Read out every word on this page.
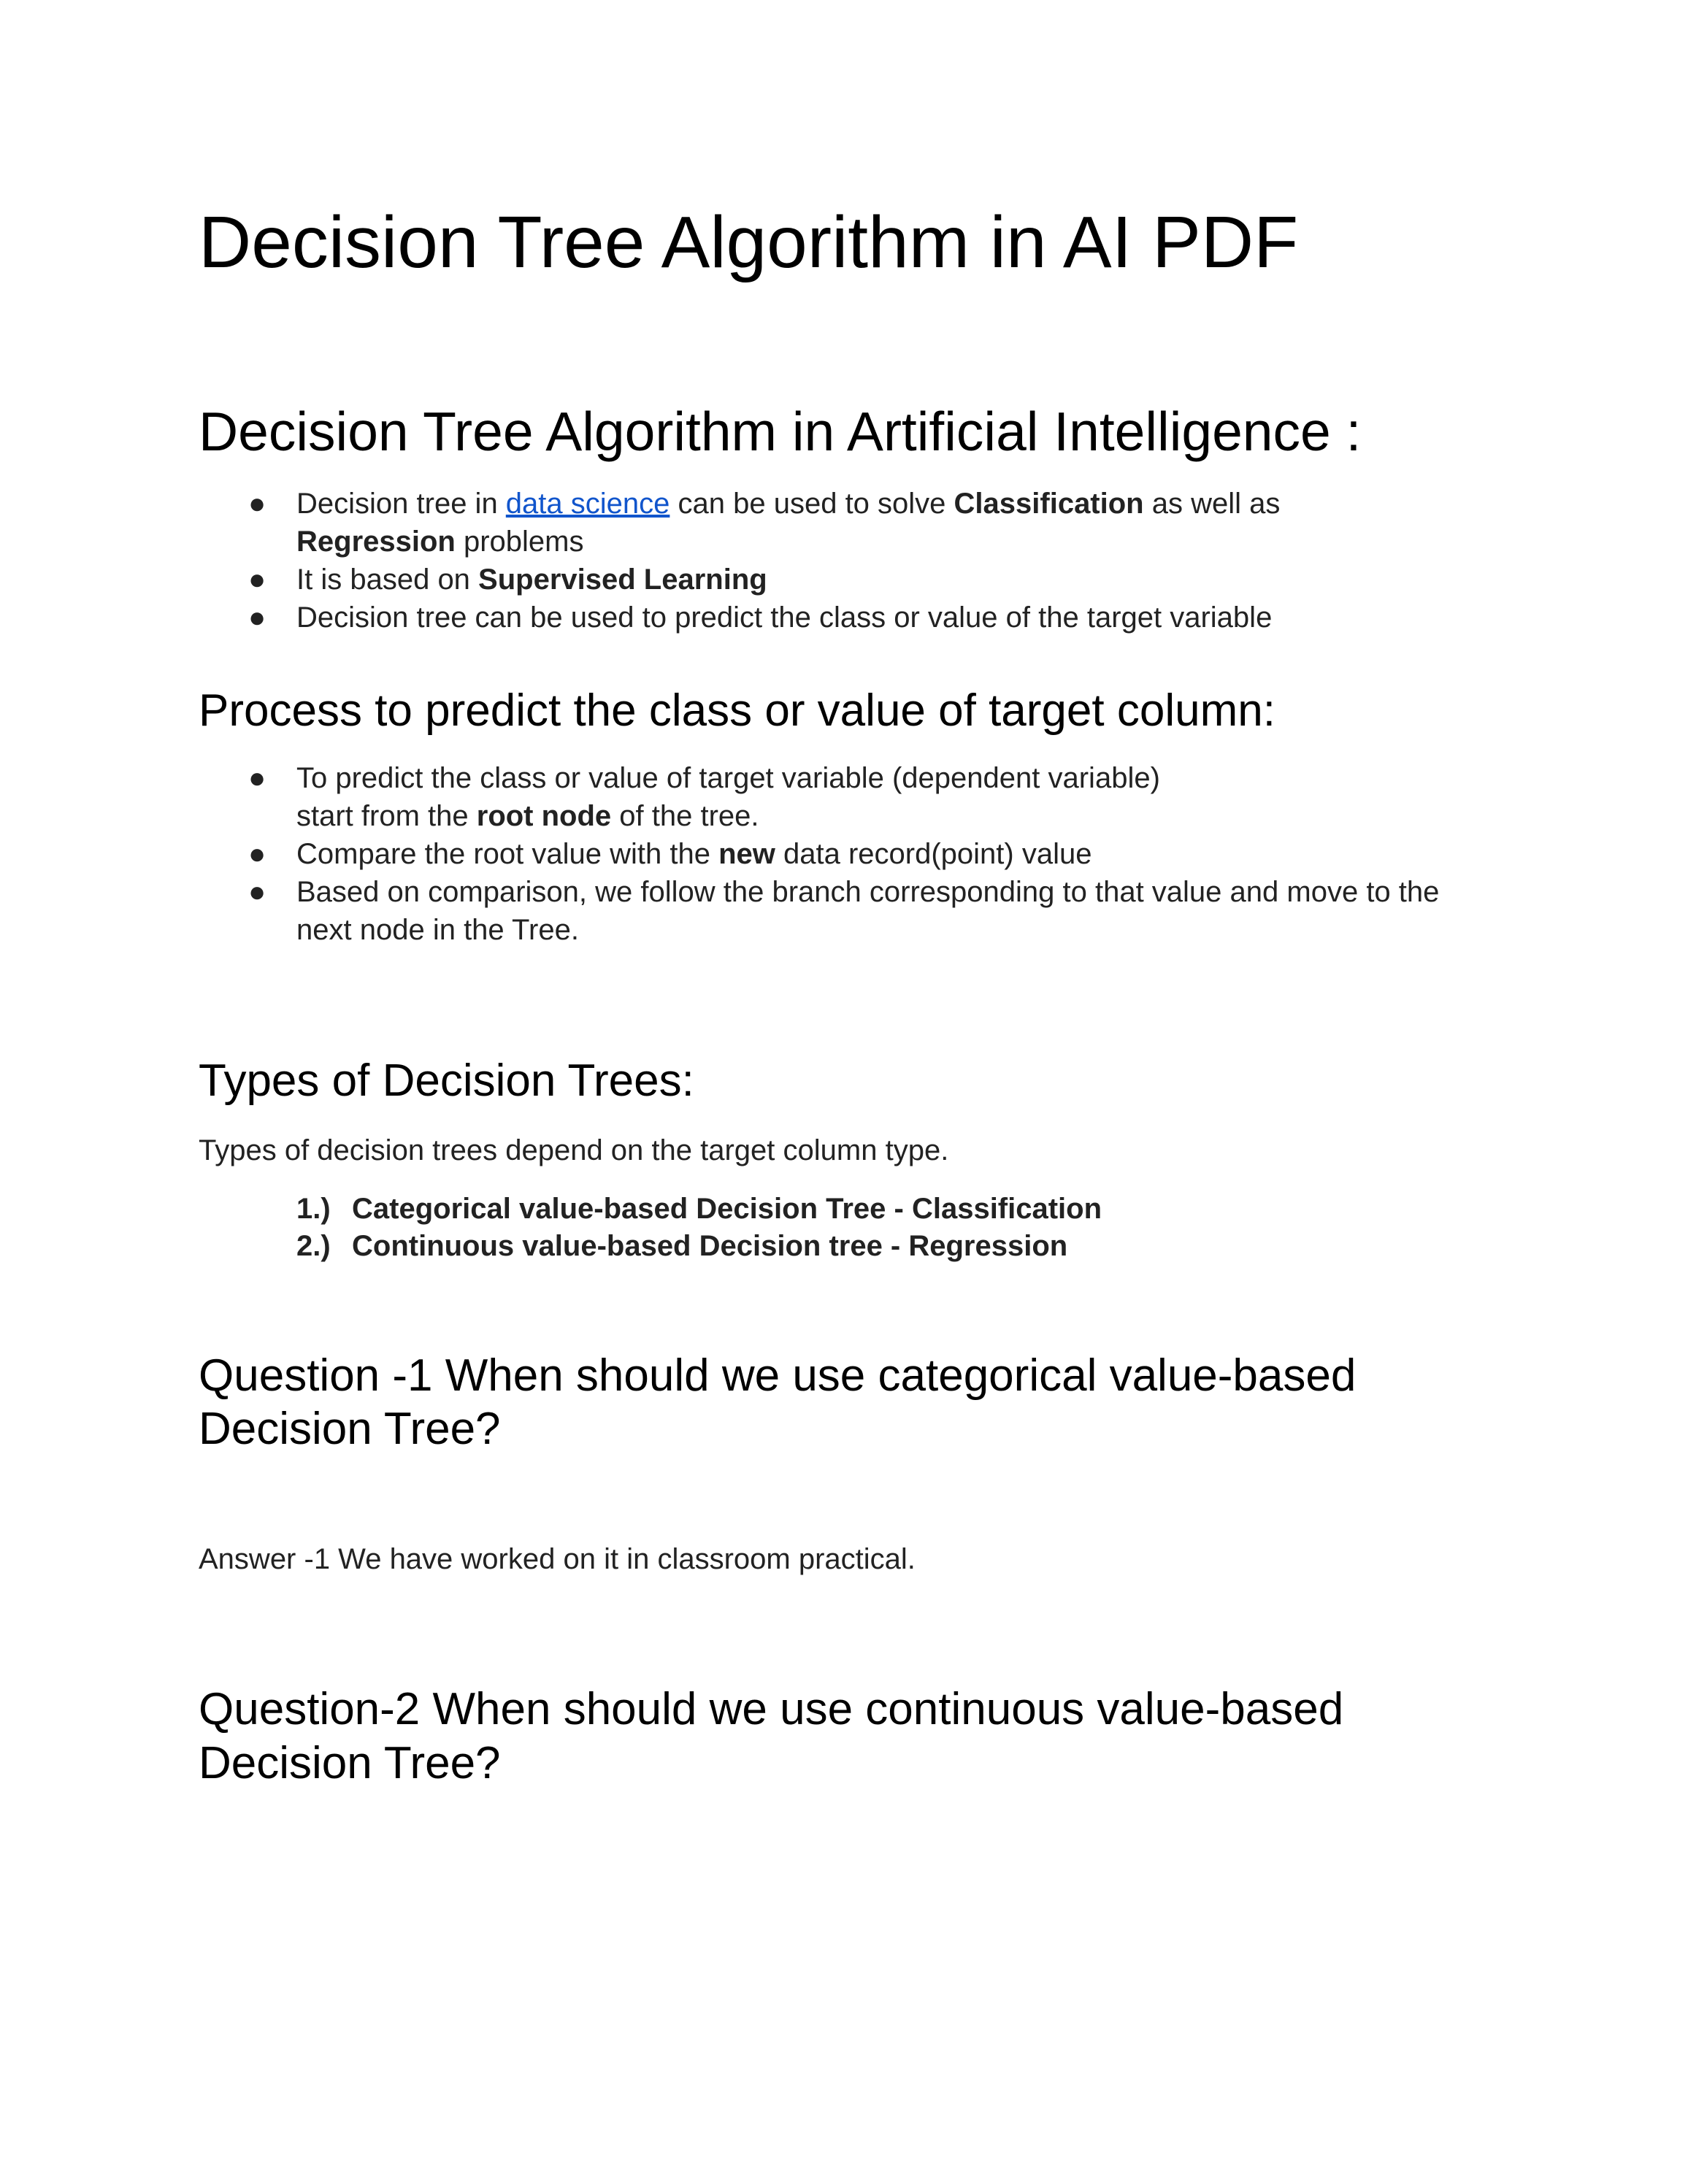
Decision Tree Algorithm in AI PDF
Decision Tree Algorithm in Artificial Intelligence :
● Decision tree in data science can be used to solve Classification as well as
Regression problems
● It is based on Supervised Learning
● Decision tree can be used to predict the class or value of the target variable
Process to predict the class or value of target column:
● To predict the class or value of target variable (dependent variable)
start from the root node of the tree.
● Compare the root value with the new data record(point) value
● Based on comparison, we follow the branch corresponding to that value and move to the
next node in the Tree.
Types of Decision Trees:
Types of decision trees depend on the target column type.
1.) Categorical value-based Decision Tree - Classification
2.) Continuous value-based Decision tree - Regression
Question -1 When should we use categorical value-based
Decision Tree?
Answer -1 We have worked on it in classroom practical.
Question-2 When should we use continuous value-based
Decision Tree?
